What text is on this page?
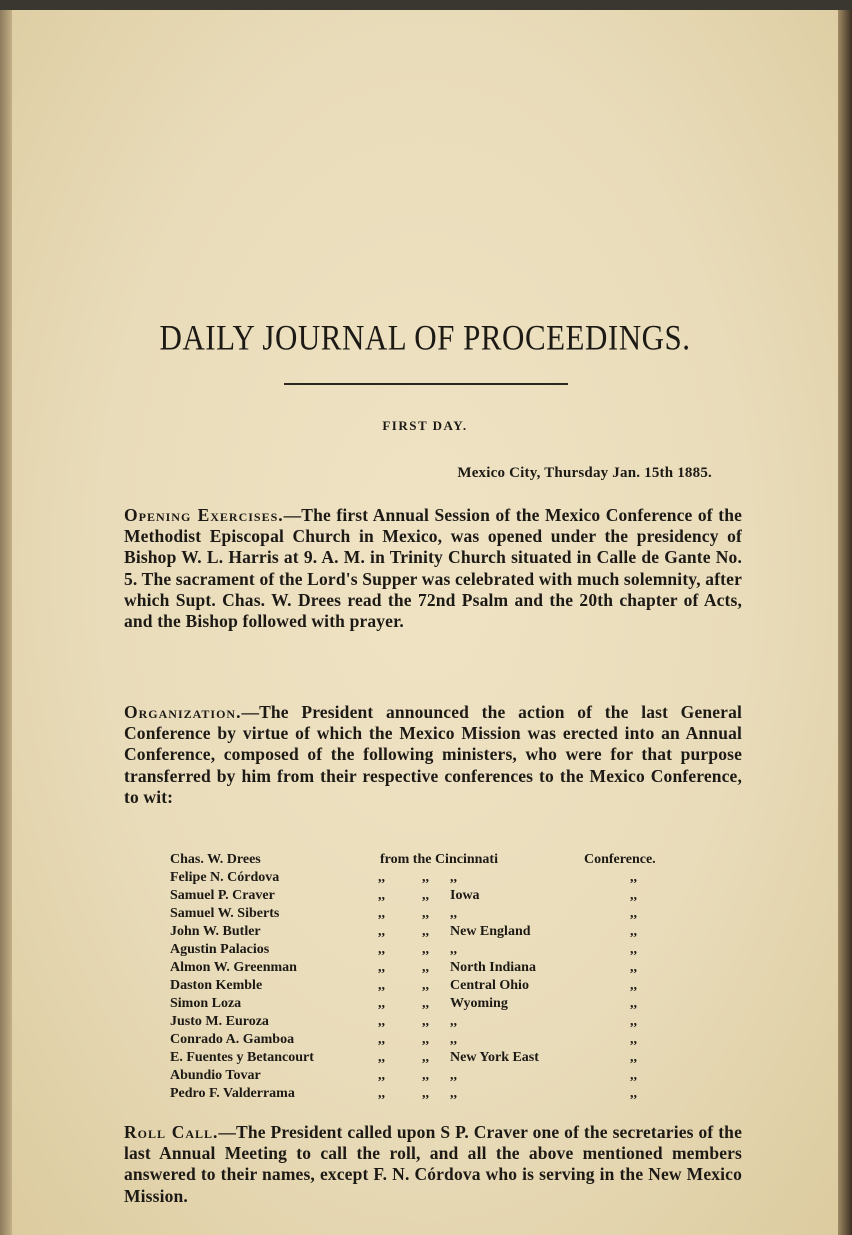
DAILY JOURNAL OF PROCEEDINGS.
FIRST DAY.
Mexico City, Thursday Jan. 15th 1885.
Opening Exercises.—The first Annual Session of the Mexico Conference of the Methodist Episcopal Church in Mexico, was opened under the presidency of Bishop W. L. Harris at 9. A. M. in Trinity Church situated in Calle de Gante No. 5. The sacrament of the Lord's Supper was celebrated with much solemnity, after which Supt. Chas. W. Drees read the 72nd Psalm and the 20th chapter of Acts, and the Bishop followed with prayer.
Organization.—The President announced the action of the last General Conference by virtue of which the Mexico Mission was erected into an Annual Conference, composed of the following ministers, who were for that purpose transferred by him from their respective conferences to the Mexico Conference, to wit:
Chas. W. Drees	from the Cincinnati	Conference.
Felipe N. Córdova	,,	,, ,,	,,
Samuel P. Craver	,,	,, Iowa	,,
Samuel W. Siberts	,,	,, ,,	,,
John W. Butler	,,	,, New England	,,
Agustin Palacios	,,	,, ,,	,,
Almon W. Greenman	,,	,, North Indiana	,,
Daston Kemble	,,	,, Central Ohio	,,
Simon Loza	,,	,, Wyoming	,,
Justo M. Euroza	,,	,, ,,	,,
Conrado A. Gamboa	,,	,, ,,	,,
E. Fuentes y Betancourt	,,	,, New York East	,,
Abundio Tovar	,,	,, ,,	,,
Pedro F. Valderrama	,,	,, ,,	,,
Roll Call.—The President called upon S P. Craver one of the secretaries of the last Annual Meeting to call the roll, and all the above mentioned members answered to their names, except F. N. Córdova who is serving in the New Mexico Mission.
